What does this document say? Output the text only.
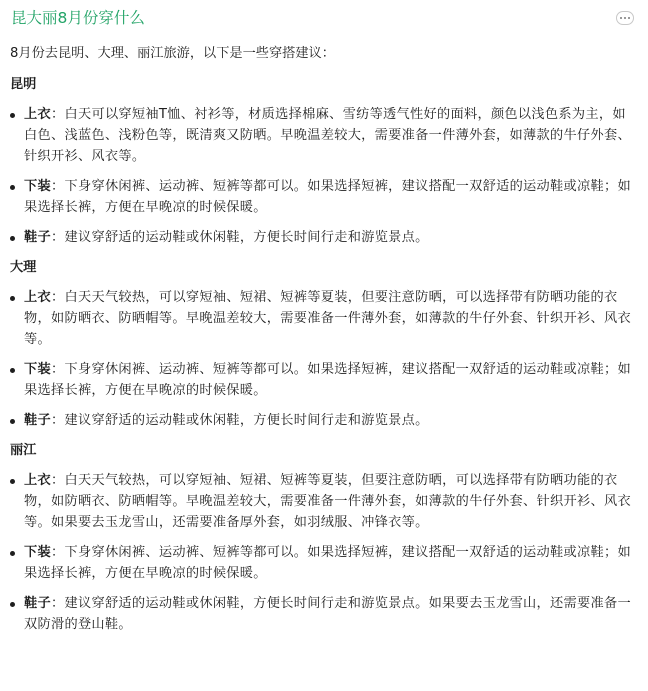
昆大丽8月份穿什么
8月份去昆明、大理、丽江旅游，以下是一些穿搭建议：
昆明
上衣：白天可以穿短袖T恤、衬衫等，材质选择棉麻、雪纺等透气性好的面料，颜色以浅色系为主，如白色、浅蓝色、浅粉色等，既清爽又防晒。早晚温差较大，需要准备一件薄外套，如薄款的牛仔外套、针织开衫、风衣等。
下装：下身穿休闲裤、运动裤、短裤等都可以。如果选择短裤，建议搭配一双舒适的运动鞋或凉鞋；如果选择长裤，方便在早晚凉的时候保暖。
鞋子：建议穿舒适的运动鞋或休闲鞋，方便长时间行走和游览景点。
大理
上衣：白天天气较热，可以穿短袖、短裙、短裤等夏装，但要注意防晒，可以选择带有防晒功能的衣物，如防晒衣、防晒帽等。早晚温差较大，需要准备一件薄外套，如薄款的牛仔外套、针织开衫、风衣等。
下装：下身穿休闲裤、运动裤、短裤等都可以。如果选择短裤，建议搭配一双舒适的运动鞋或凉鞋；如果选择长裤，方便在早晚凉的时候保暖。
鞋子：建议穿舒适的运动鞋或休闲鞋，方便长时间行走和游览景点。
丽江
上衣：白天天气较热，可以穿短袖、短裙、短裤等夏装，但要注意防晒，可以选择带有防晒功能的衣物，如防晒衣、防晒帽等。早晚温差较大，需要准备一件薄外套，如薄款的牛仔外套、针织开衫、风衣等。如果要去玉龙雪山，还需要准备厚外套，如羽绒服、冲锋衣等。
下装：下身穿休闲裤、运动裤、短裤等都可以。如果选择短裤，建议搭配一双舒适的运动鞋或凉鞋；如果选择长裤，方便在早晚凉的时候保暖。
鞋子：建议穿舒适的运动鞋或休闲鞋，方便长时间行走和游览景点。如果要去玉龙雪山，还需要准备一双防滑的登山鞋。
